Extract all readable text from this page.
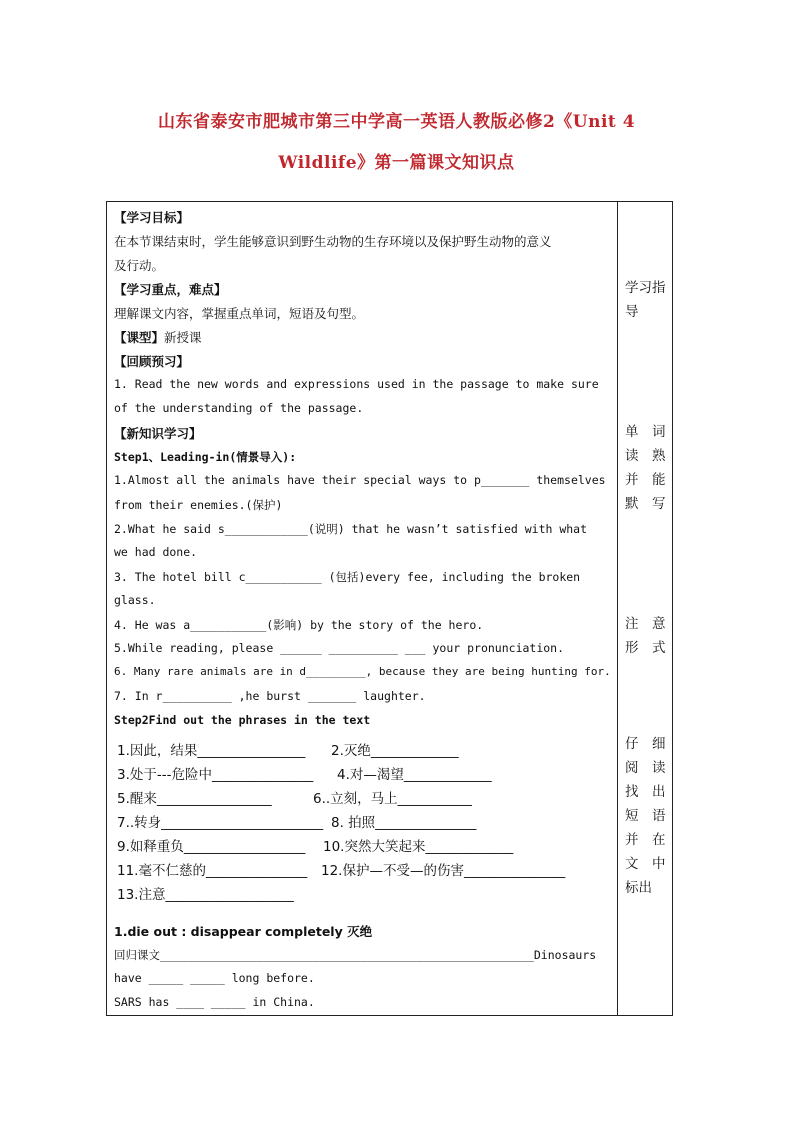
山东省泰安市肥城市第三中学高一英语人教版必修2《Unit 4
Wildlife》第一篇课文知识点
【学习目标】
在本节课结束时，学生能够意识到野生动物的生存环境以及保护野生动物的意义
及行动。
【学习重点，难点】
理解课文内容，掌握重点单词，短语及句型。
【课型】新授课
【回顾预习】
1. Read the new words and expressions used in the passage to make sure
of the understanding of the passage.
【新知识学习】
Step1、Leading-in(情景导入):
1.Almost all the animals have their special ways to p_______ themselves
from their enemies.(保护)
2.What he said s____________(说明) that he wasn’t satisfied with what
we had done.
3. The hotel bill c___________ (包括)every fee, including the broken
glass.
4. He was a___________(影响) by the story of the hero.
5.While reading, please ______ __________ ___ your pronunciation.
6. Many rare animals are in d_________, because they are being hunting for.
7. In r__________ ,he burst _______ laughter.
Step2Find out the phrases in the text
1.因此，结果________________ 2.灭绝_____________
3.处于---危险中_______________ 4.对—渴望_____________
5.醒来_________________	6..立刻，马上___________
7..转身________________________ 8. 拍照_______________
9.如释重负__________________ 10.突然大笑起来_____________
11.毫不仁慈的_______________ 12.保护—不受—的伤害_______________
13.注意___________________
1.die out : disappear completely 灭绝
回归课文______________________________________________________Dinosaurs
have _____ _____ long before.
SARS has ____ _____ in China.
学习指
导
单　词
读　熟
并　能
默　写
注　意
形　式
仔　细
阅　读
找　出
短　语
并　在
文　中
标出
